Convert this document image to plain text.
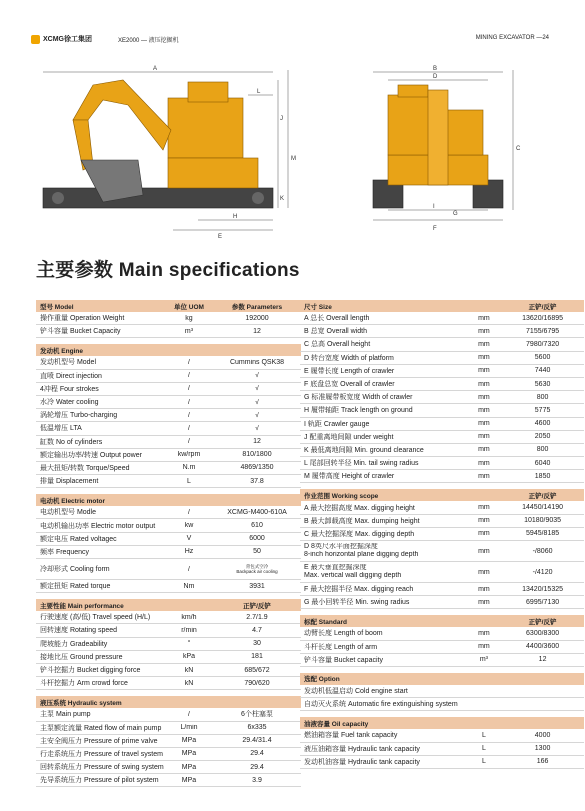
XCMG徐工集团	XE2000 — 液压挖掘机	MINING EXCAVATOR —24
A
L
J
M
H
E
K
B
D
C
I
F
G
主要参数 Main specifications
型号 Model	单位 UOM	参数 Parameters
操作重量 Operation Weight	kg	192000
铲斗容量 Bucket Capacity	m³	12
发动机 Engine
发动机型号 Model	/	Cummins QSK38
直喷 Direct injection	/	√
4冲程 Four strokes	/	√
水冷 Water cooling	/	√
涡轮增压 Turbo-charging	/	√
低温增压 LTA	/	√
缸数 No of cylinders	/	12
额定输出功率/转速 Output power	kw/rpm	810/1800
最大扭矩/转数 Torque/Speed	N.m	4869/1350
排量 Displacement	L	37.8
电动机 Electric motor
电动机型号 Modle	/	XCMG-M400-610A
电动机输出功率 Electric motor output	kw	610
额定电压 Rated voltagec	V	6000
频率 Frequency	Hz	50
冷却形式 Cooling form	/	背包式空冷
Backpack air cooling
额定扭矩 Rated torque	Nm	3931
主要性能 Main performance	正铲/反铲
行驶速度 (高/低) Travel speed (H/L)	km/h	2.7/1.9
回转速度 Rotating speed	r/min	4.7
爬坡能力 Gradeability	°	30
接地比压 Ground pressure	kPa	181
铲斗挖掘力 Bucket digging force	kN	685/672
斗杆挖掘力 Arm crowd force	kN	790/620
液压系统 Hydraulic system
主泵 Main pump	/	6个柱塞泵
主泵额定流量 Rated flow of main pump	L/min	6x335
主安全阀压力 Pressure of prime valve	MPa	29.4/31.4
行走系统压力 Pressure of travel system	MPa	29.4
回转系统压力 Pressure of swing system	MPa	29.4
先导系统压力 Pressure of pilot system	MPa	3.9
尺寸 Size	正铲/反铲
A 总长 Overall length	mm	13620/16895
B 总宽 Overall width	mm	7155/6795
C 总高 Overall height	mm	7980/7320
D 转台宽度 Width of platform	mm	5600
E 履带长度 Length of crawler	mm	7440
F 底盘总宽 Overall of crawler	mm	5630
G 标准履带板宽度 Width of crawler	mm	800
H 履带轴距 Track length on ground	mm	5775
I 轨距 Crawler gauge	mm	4600
J 配重离地间隙 under weight	mm	2050
K 最低离地间隙 Min. ground clearance	mm	800
L 尾部回转半径 Min. tail swing radius	mm	6040
M 履带高度 Height of crawler	mm	1850
作业范围 Working scope	正铲/反铲
A 最大挖掘高度 Max. digging height	mm	14450/14190
B 最大卸载高度 Max. dumping height	mm	10180/9035
C 最大挖掘深度 Max. digging depth	mm	5945/8185
D 8英尺水平面挖掘深度
8-inch horizontal plane digging depth	mm	-/8060
E 最大垂直挖掘深度
Max. vertical wall digging depth	mm	-/4120
F 最大挖掘半径 Max. digging reach	mm	13420/15325
G 最小回转半径 Min. swing radius	mm	6995/7130
标配 Standard	正铲/反铲
动臂长度 Length of boom	mm	6300/8300
斗杆长度 Length of arm	mm	4400/3600
铲斗容量 Bucket capacity	m³	12
选配 Option
发动机低温启动 Cold engine start
自动灭火系统 Automatic fire extinguishing system
油液容量 Oil capacity
燃油箱容量 Fuel tank capacity	L	4000
液压油箱容量 Hydraulic tank capacity	L	1300
发动机油容量 Hydraulic tank capacity	L	166
